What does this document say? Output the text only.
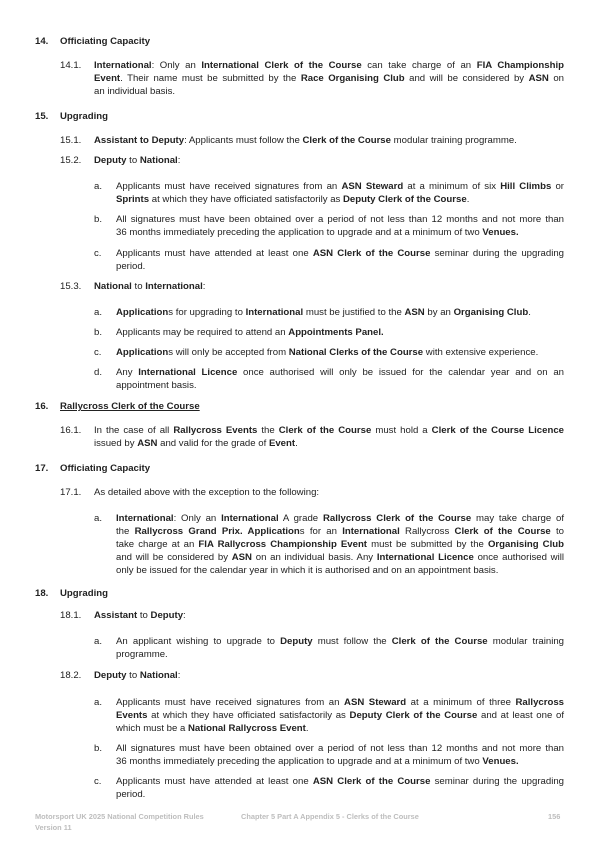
14. Officiating Capacity
14.1. International: Only an International Clerk of the Course can take charge of an FIA Championship
Event. Their name must be submitted by the Race Organising Club and will be considered by ASN on
an individual basis.
15. Upgrading
15.1. Assistant to Deputy: Applicants must follow the Clerk of the Course modular training programme.
15.2. Deputy to National:
a. Applicants must have received signatures from an ASN Steward at a minimum of six Hill Climbs or
Sprints at which they have officiated satisfactorily as Deputy Clerk of the Course.
b. All signatures must have been obtained over a period of not less than 12 months and not more than
36 months immediately preceding the application to upgrade and at a minimum of two Venues.
c. Applicants must have attended at least one ASN Clerk of the Course seminar during the upgrading
period.
15.3. National to International:
a. Applications for upgrading to International must be justified to the ASN by an Organising Club.
b. Applicants may be required to attend an Appointments Panel.
c. Applications will only be accepted from National Clerks of the Course with extensive experience.
d. Any International Licence once authorised will only be issued for the calendar year and on an
appointment basis.
16. Rallycross Clerk of the Course
16.1. In the case of all Rallycross Events the Clerk of the Course must hold a Clerk of the Course Licence
issued by ASN and valid for the grade of Event.
17. Officiating Capacity
17.1. As detailed above with the exception to the following:
a. International: Only an International A grade Rallycross Clerk of the Course may take charge of
the Rallycross Grand Prix. Applications for an International Rallycross Clerk of the Course to
take charge at an FIA Rallycross Championship Event must be submitted by the Organising Club
and will be considered by ASN on an individual basis. Any International Licence once authorised will
only be issued for the calendar year in which it is authorised and on an appointment basis.
18. Upgrading
18.1. Assistant to Deputy:
a. An applicant wishing to upgrade to Deputy must follow the Clerk of the Course modular training
programme.
18.2. Deputy to National:
a. Applicants must have received signatures from an ASN Steward at a minimum of three Rallycross
Events at which they have officiated satisfactorily as Deputy Clerk of the Course and at least one of
which must be a National Rallycross Event.
b. All signatures must have been obtained over a period of not less than 12 months and not more than
36 months immediately preceding the application to upgrade and at a minimum of two Venues.
c. Applicants must have attended at least one ASN Clerk of the Course seminar during the upgrading
period.
Motorsport UK 2025 National Competition Rules
Version 11
Chapter 5 Part A Appendix 5 - Clerks of the Course	156
